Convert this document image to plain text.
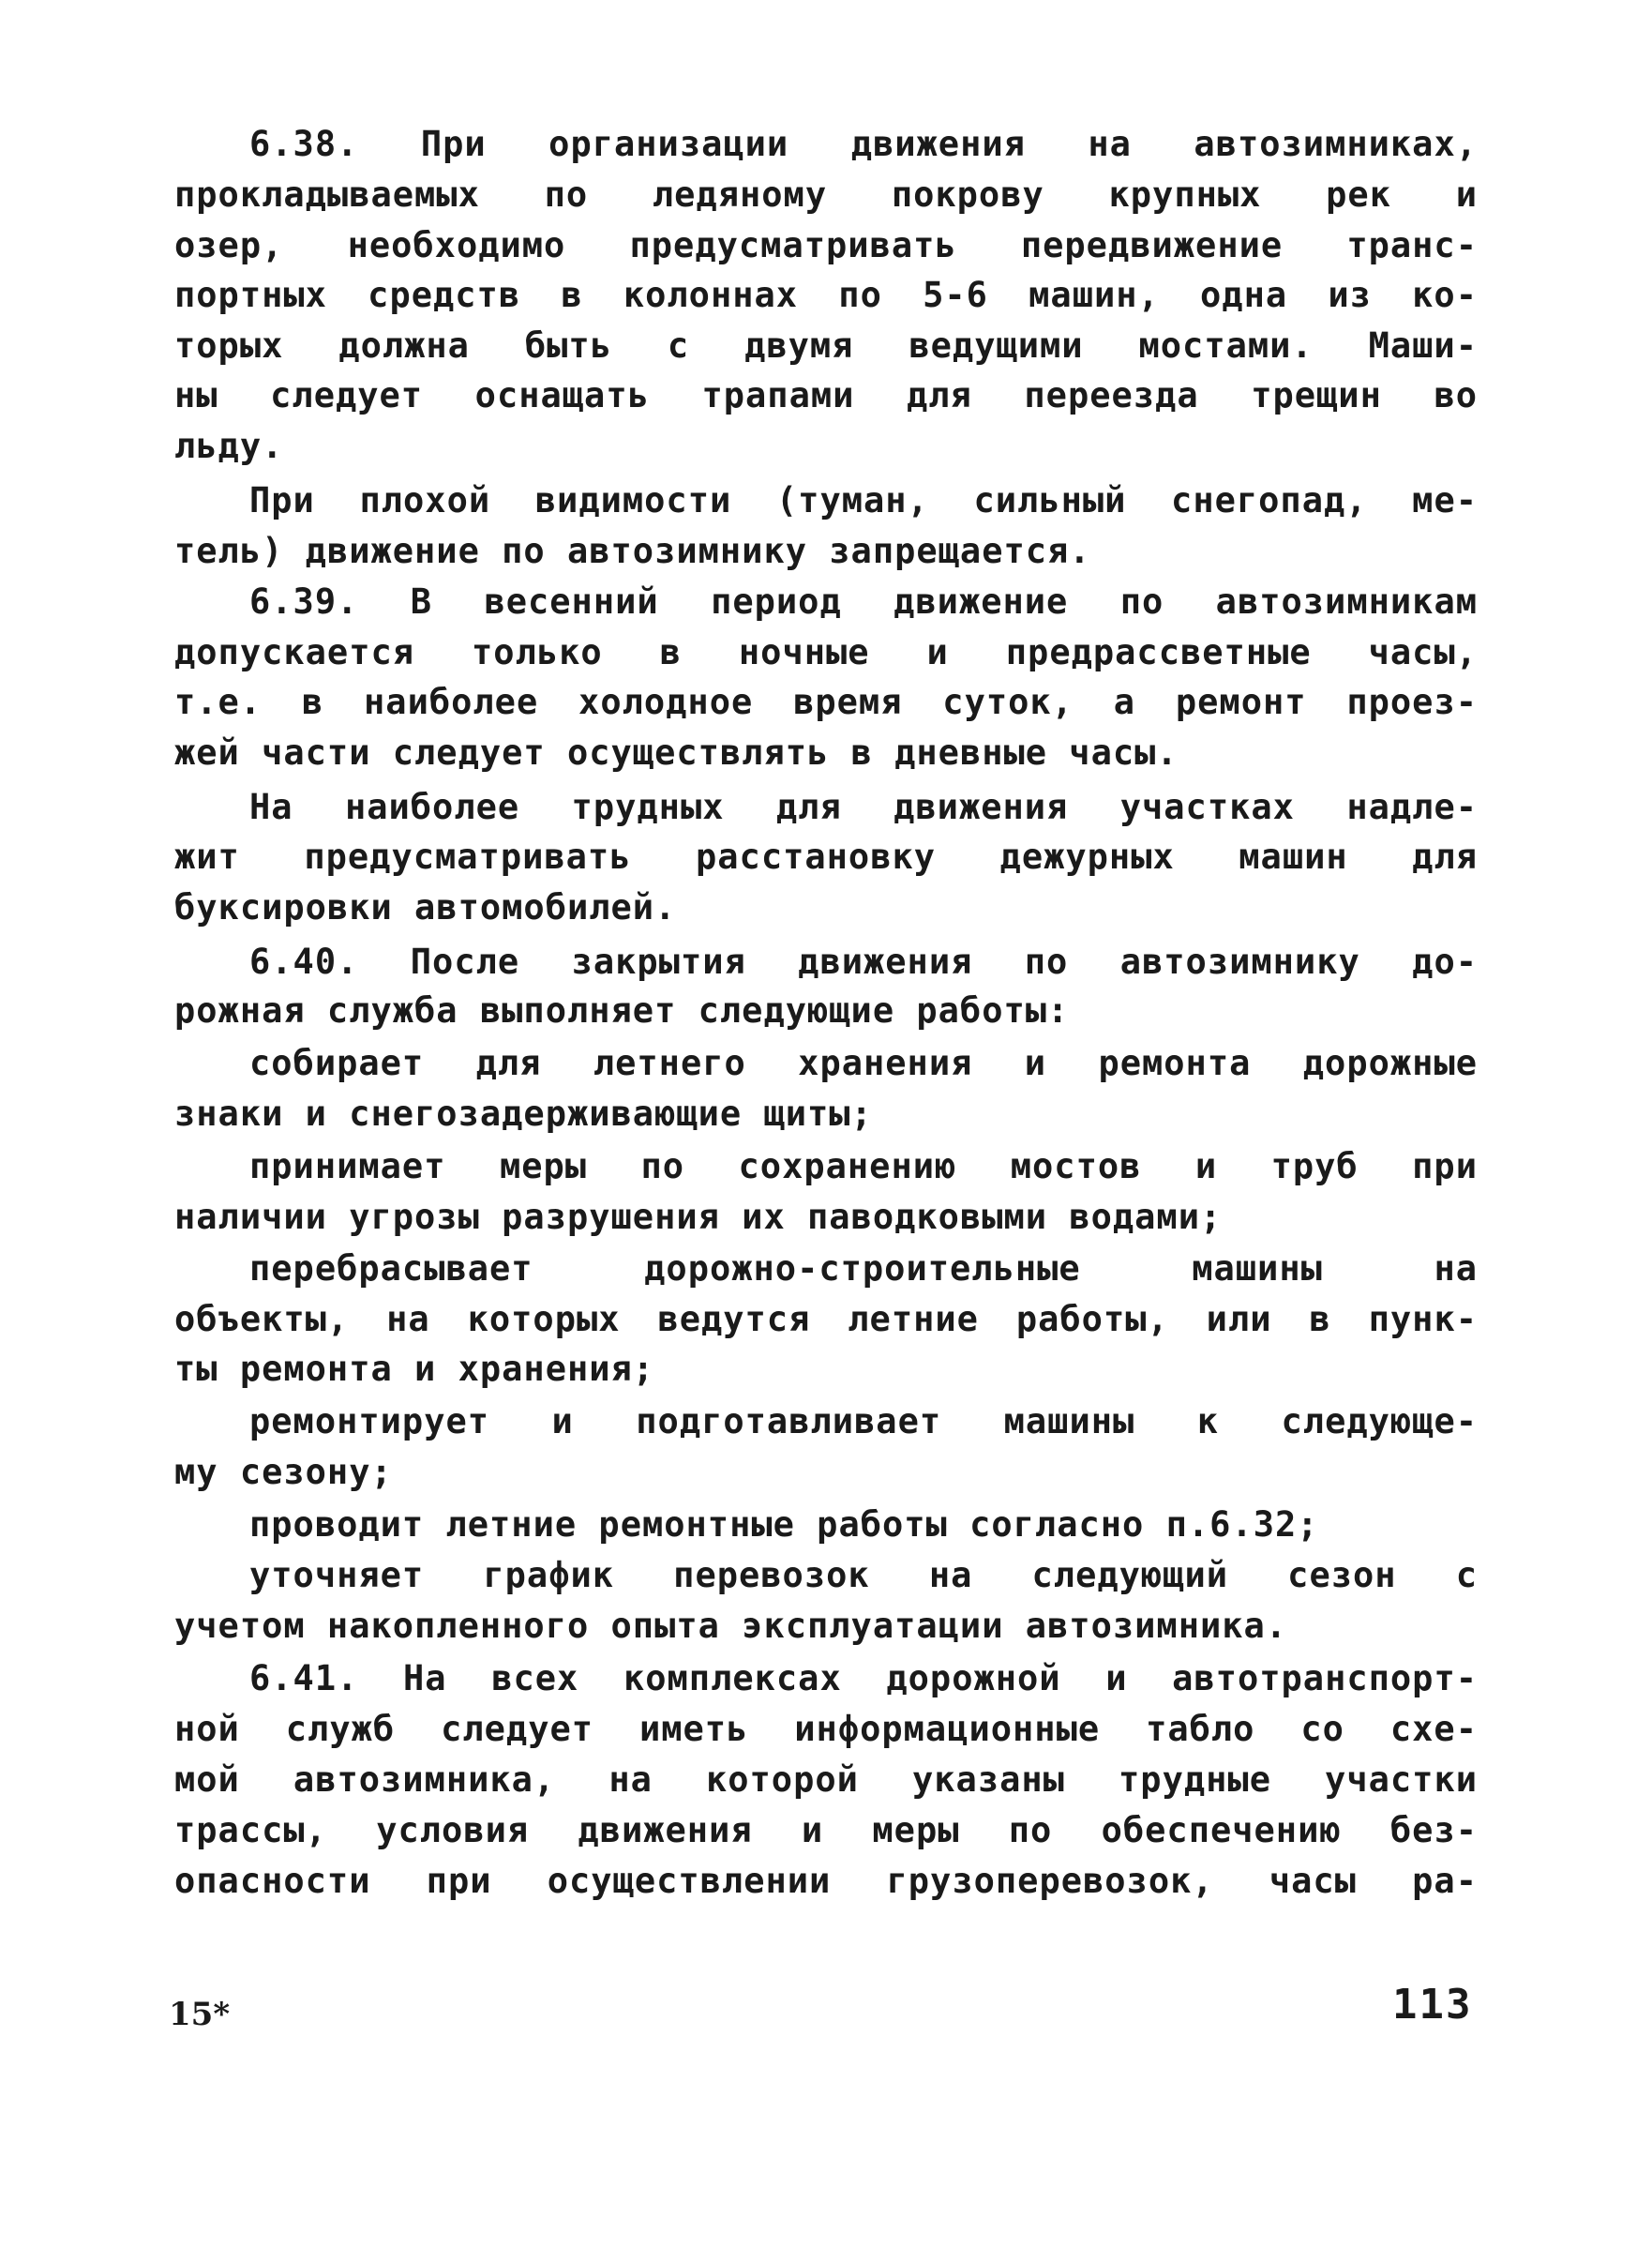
6.38. При организации движения на автозимниках,
прокладываемых по ледяному покрову крупных рек и
озер, необходимо предусматривать передвижение транс-
портных средств в колоннах по 5-6 машин, одна из ко-
торых должна быть с двумя ведущими мостами. Маши-
ны следует оснащать трапами для переезда трещин во
льду.
При плохой видимости (туман, сильный снегопад, ме-
тель) движение по автозимнику запрещается.
6.39. В весенний период движение по автозимникам
допускается только в ночные и предрассветные часы,
т.е. в наиболее холодное время суток, а ремонт проез-
жей части следует осуществлять в дневные часы.
На наиболее трудных для движения участках надле-
жит предусматривать расстановку дежурных машин для
буксировки автомобилей.
6.40. После закрытия движения по автозимнику до-
рожная служба выполняет следующие работы:
собирает для летнего хранения и ремонта дорожные
знаки и снегозадерживающие щиты;
принимает меры по сохранению мостов и труб при
наличии угрозы разрушения их паводковыми водами;
перебрасывает дорожно-строительные машины на
объекты, на которых ведутся летние работы, или в пунк-
ты ремонта и хранения;
ремонтирует и подготавливает машины к следующе-
му сезону;
проводит летние ремонтные работы согласно п.6.32;
уточняет график перевозок на следующий сезон с
учетом накопленного опыта эксплуатации автозимника.
6.41. На всех комплексах дорожной и автотранспорт-
ной служб следует иметь информационные табло со схе-
мой автозимника, на которой указаны трудные участки
трассы, условия движения и меры по обеспечению без-
опасности при осуществлении грузоперевозок, часы ра-
15*	113
